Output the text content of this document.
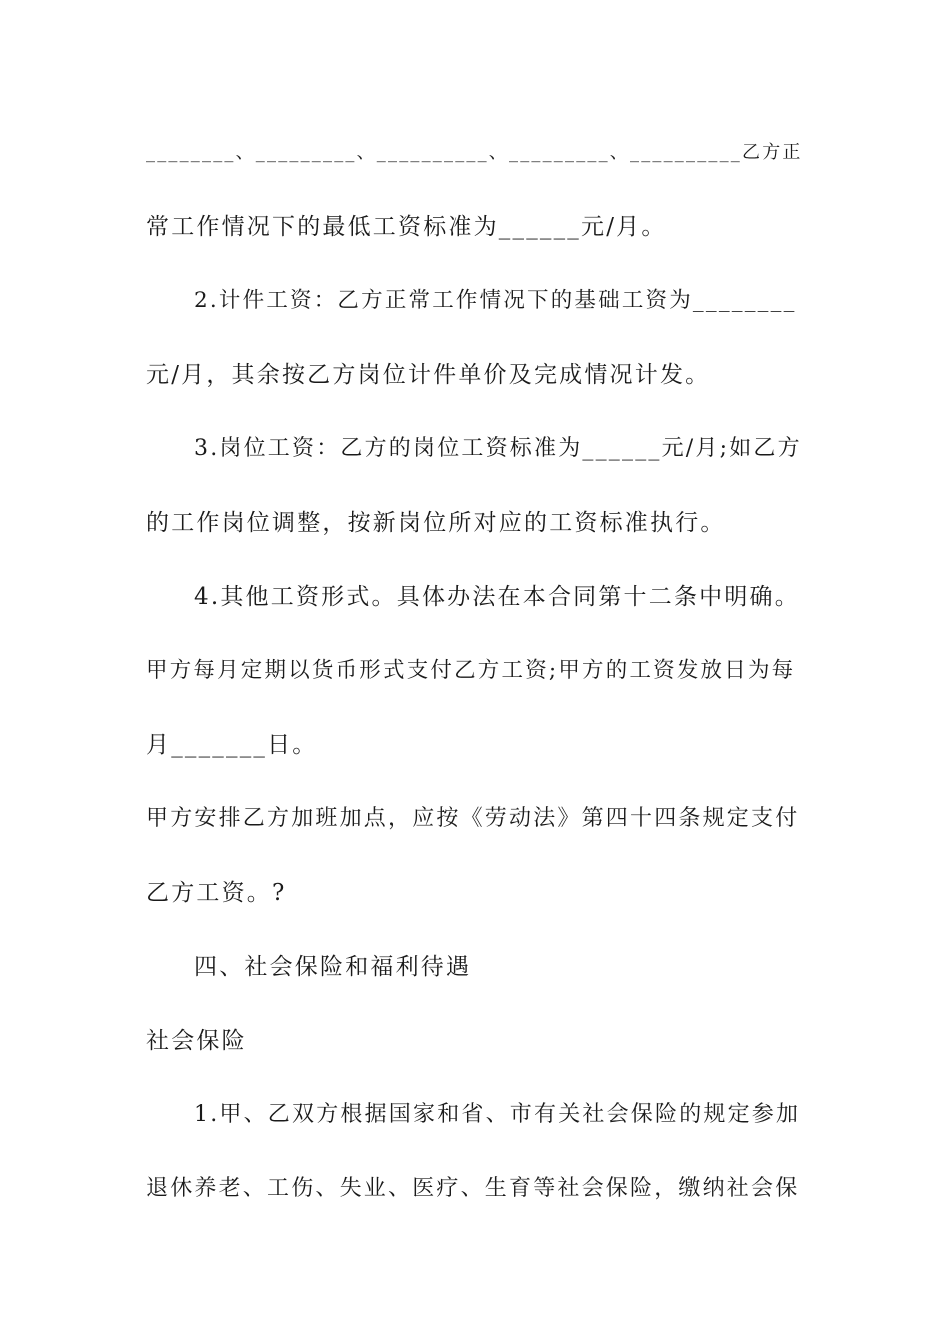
________、_________、__________、_________、__________乙方正
常工作情况下的最低工资标准为______元/月。
2.计件工资：乙方正常工作情况下的基础工资为________
元/月，其余按乙方岗位计件单价及完成情况计发。
3.岗位工资：乙方的岗位工资标准为______元/月;如乙方
的工作岗位调整，按新岗位所对应的工资标准执行。
4.其他工资形式。具体办法在本合同第十二条中明确。
甲方每月定期以货币形式支付乙方工资;甲方的工资发放日为每
月_______日。
甲方安排乙方加班加点，应按《劳动法》第四十四条规定支付
乙方工资。?
四、社会保险和福利待遇
社会保险
1.甲、乙双方根据国家和省、市有关社会保险的规定参加
退休养老、工伤、失业、医疗、生育等社会保险，缴纳社会保
